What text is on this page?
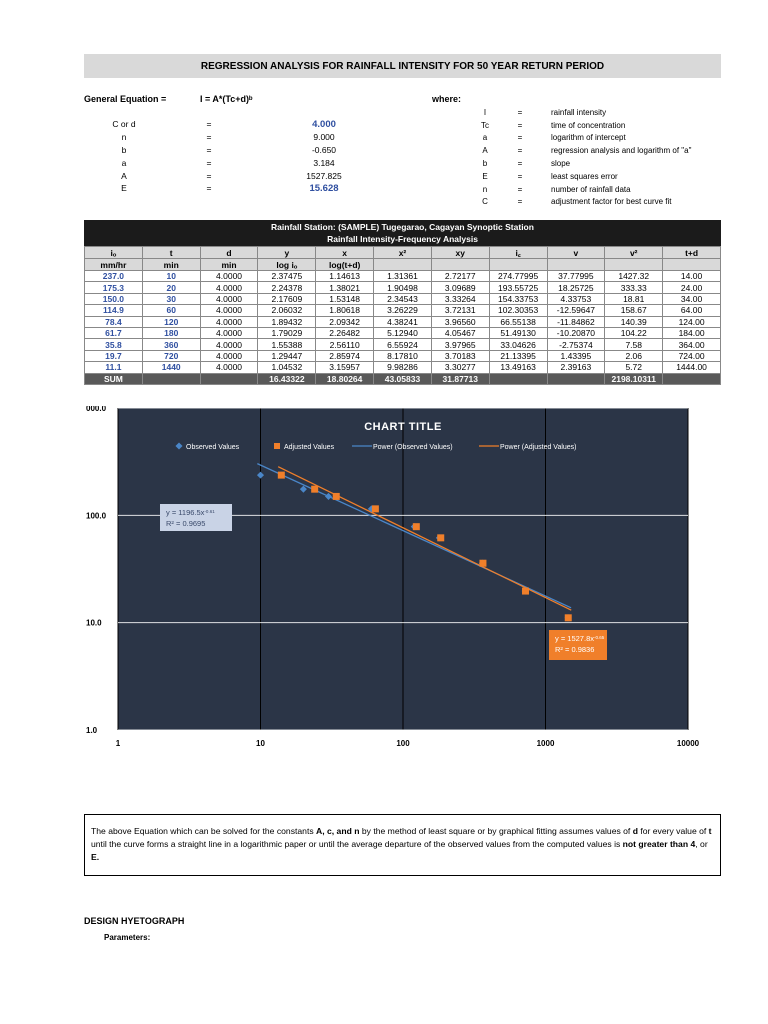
REGRESSION ANALYSIS FOR RAINFALL INTENSITY FOR 50 YEAR RETURN PERIOD
General Equation =	I = A*(Tc+d)ᵇ	where:
C or d	=	4.000
n	=	9.000
b	=	-0.650
a	=	3.184
A	=	1527.825
E	=	15.628
I	=	rainfall intensity
Tc	=	time of concentration
a	=	logarithm of intercept
A	=	regression analysis and logarithm of "a"
b	=	slope
E	=	least squares error
n	=	number of rainfall data
C	=	adjustment factor for best curve fit
Rainfall Station: (SAMPLE) Tugegarao, Cagayan Synoptic Station
Rainfall Intensity-Frequency Analysis
iₒ	t	d	y	x	x²	xy	i꜀	v	v²	t+d
mm/hr	min	min	log iₒ	log(t+d)						
237.0	10	4.0000	2.37475	1.14613	1.31361	2.72177	274.77995	37.77995	1427.32	14.00
175.3	20	4.0000	2.24378	1.38021	1.90498	3.09689	193.55725	18.25725	333.33	24.00
150.0	30	4.0000	2.17609	1.53148	2.34543	3.33264	154.33753	4.33753	18.81	34.00
114.9	60	4.0000	2.06032	1.80618	3.26229	3.72131	102.30353	-12.59647	158.67	64.00
78.4	120	4.0000	1.89432	2.09342	4.38241	3.96560	66.55138	-11.84862	140.39	124.00
61.7	180	4.0000	1.79029	2.26482	5.12940	4.05467	51.49130	-10.20870	104.22	184.00
35.8	360	4.0000	1.55388	2.56110	6.55924	3.97965	33.04626	-2.75374	7.58	364.00
19.7	720	4.0000	1.29447	2.85974	8.17810	3.70183	21.13395	1.43395	2.06	724.00
11.1	1440	4.0000	1.04532	3.15957	9.98286	3.30277	13.49163	2.39163	5.72	1444.00
SUM			16.43322	18.80264	43.05833	31.87713			2198.10311	
1	10	100	1000	10000
1.0
10.0
100.0
000.0
CHART TITLE
Observed Values	Adjusted Values	Power (Observed Values)	Power (Adjusted Values)
$y = 1196.5x^{-0.61}$
R² = 0.9695
$y = 1527.8x^{-0.65}$
R² = 0.9836
The above Equation which can be solved for the constants A, c, and n by the method of least square or by graphical fitting assumes values of d for every value of t until the curve forms a straight line in a logarithmic paper or until the average departure of the observed values from the computed values is not greater than 4, or E.
DESIGN HYETOGRAPH
Parameters:
